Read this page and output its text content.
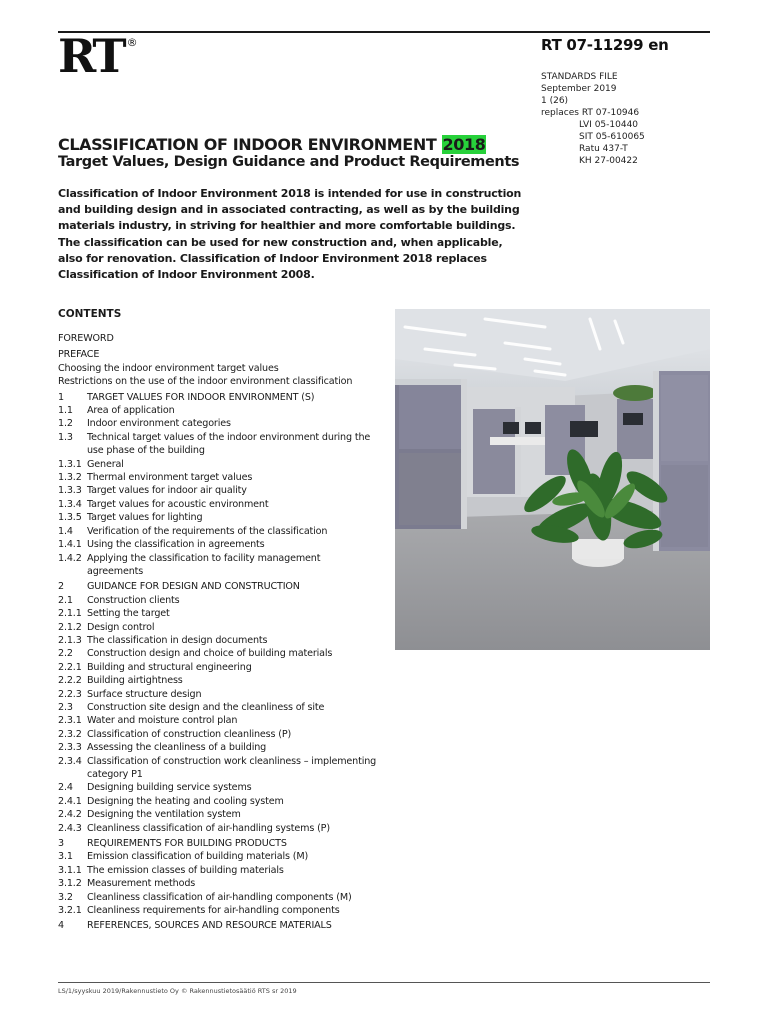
RT ®	RT 07-11299 en
STANDARDS FILE
September 2019
1 (26)
replaces RT 07-10946
LVI 05-10440
SIT 05-610065
Ratu 437-T
KH 27-00422
CLASSIFICATION OF INDOOR ENVIRONMENT 2018
Target Values, Design Guidance and Product Requirements
Classification of Indoor Environment 2018 is intended for use in construction and building design and in associated contracting, as well as by the building materials industry, in striving for healthier and more comfortable buildings. The classification can be used for new construction and, when applicable, also for renovation. Classification of Indoor Environment 2018 replaces Classification of Indoor Environment 2008.
CONTENTS
FOREWORD
PREFACE
Choosing the indoor environment target values
Restrictions on the use of the indoor environment classification
1	TARGET VALUES FOR INDOOR ENVIRONMENT (S)
1.1	Area of application
1.2	Indoor environment categories
1.3	Technical target values of the indoor environment during the use phase of the building
1.3.1 General
1.3.2 Thermal environment target values
1.3.3 Target values for indoor air quality
1.3.4 Target values for acoustic environment
1.3.5 Target values for lighting
1.4	Verification of the requirements of the classification
1.4.1 Using the classification in agreements
1.4.2 Applying the classification to facility management agreements
2	GUIDANCE FOR DESIGN AND CONSTRUCTION
2.1	Construction clients
2.1.1 Setting the target
2.1.2 Design control
2.1.3 The classification in design documents
2.2	Construction design and choice of building materials
2.2.1 Building and structural engineering
2.2.2 Building airtightness
2.2.3 Surface structure design
2.3	Construction site design and the cleanliness of site
2.3.1 Water and moisture control plan
2.3.2 Classification of construction cleanliness (P)
2.3.3 Assessing the cleanliness of a building
2.3.4 Classification of construction work cleanliness – implementing category P1
2.4	Designing building service systems
2.4.1 Designing the heating and cooling system
2.4.2 Designing the ventilation system
2.4.3 Cleanliness classification of air-handling systems (P)
3	REQUIREMENTS FOR BUILDING PRODUCTS
3.1	Emission classification of building materials (M)
3.1.1 The emission classes of building materials
3.1.2 Measurement methods
3.2	Cleanliness classification of air-handling components (M)
3.2.1 Cleanliness requirements for air-handling components
4	REFERENCES, SOURCES AND RESOURCE MATERIALS
LS/1/syyskuu 2019/Rakennustieto Oy © Rakennustietosäätiö RTS sr 2019
